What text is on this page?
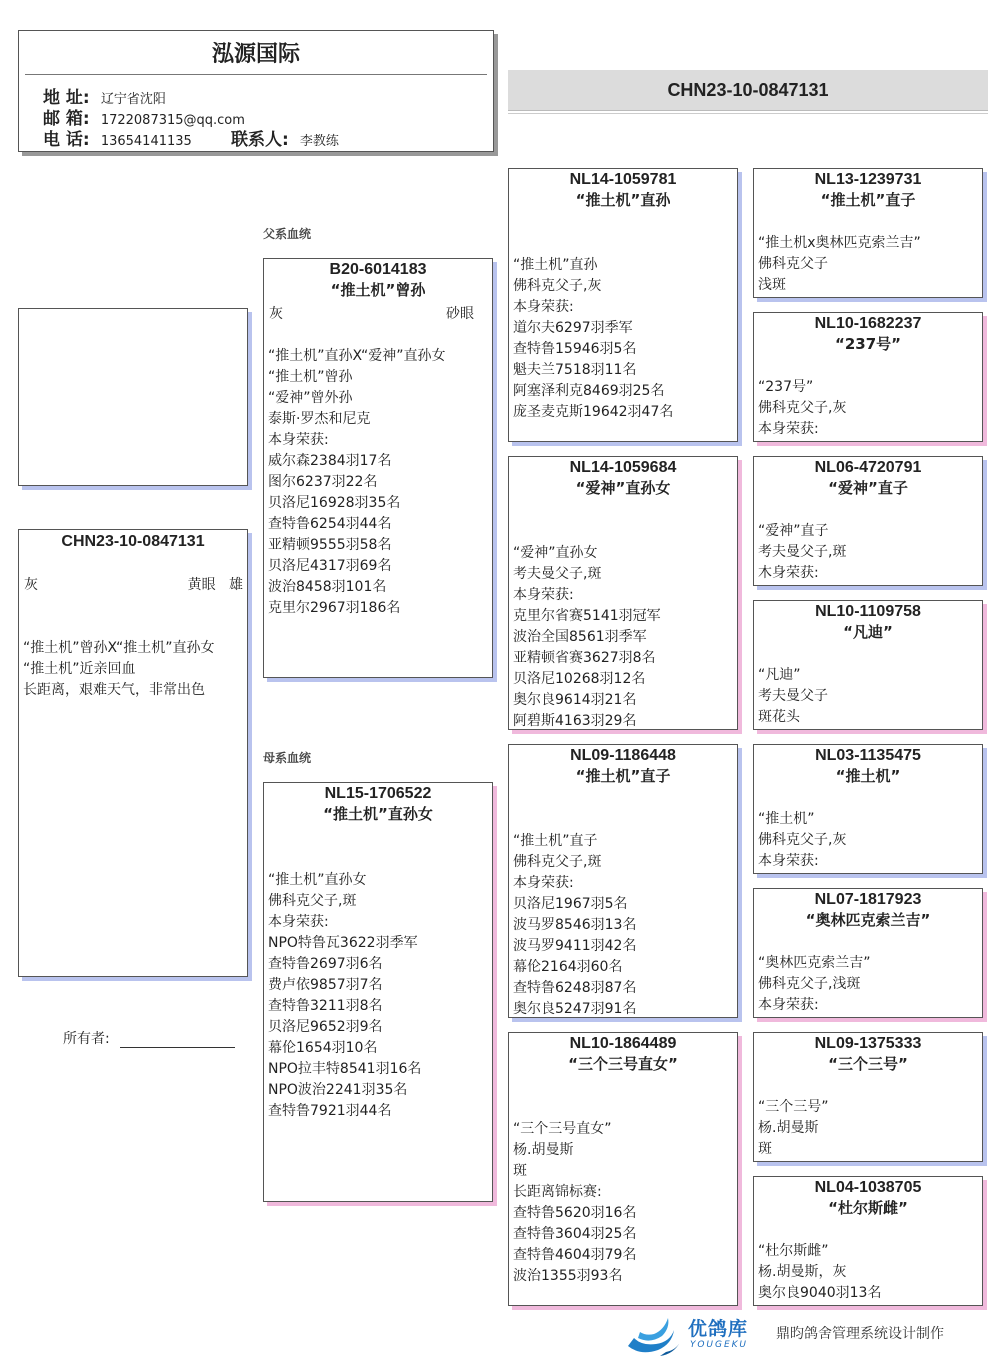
泓源国际
地 址: 辽宁省沈阳
邮 箱: 1722087315@qq.com
电 话: 13654141135 联系人: 李教练
CHN23-10-0847131
CHN23-10-0847131
灰	黄眼   雄
“推土机”曾孙X“推土机”直孙女
“推土机”近亲回血
长距离，艰难天气，非常出色
所有者:
父系血统
母系血统
B20-6014183
“推土机”曾孙
灰	砂眼
“推土机”直孙X“爱神”直孙女
“推土机”曾孙
“爱神”曾外孙
泰斯·罗杰和尼克
本身荣获:
威尔森2384羽17名
图尔6237羽22名
贝洛尼16928羽35名
查特鲁6254羽44名
亚精顿9555羽58名
贝洛尼4317羽69名
波治8458羽101名
克里尔2967羽186名
NL15-1706522
“推土机”直孙女
“推土机”直孙女
佛科克父子,斑
本身荣获:
NPO特鲁瓦3622羽季军
查特鲁2697羽6名
费卢依9857羽7名
查特鲁3211羽8名
贝洛尼9652羽9名
幕伦1654羽10名
NPO拉丰特8541羽16名
NPO波治2241羽35名
查特鲁7921羽44名
NL14-1059781
“推土机”直孙
“推土机”直孙
佛科克父子,灰
本身荣获:
道尔夫6297羽季军
查特鲁15946羽5名
魁夫兰7518羽11名
阿塞泽利克8469羽25名
庞圣麦克斯19642羽47名
NL14-1059684
“爱神”直孙女
“爱神”直孙女
考夫曼父子,斑
本身荣获:
克里尔省赛5141羽冠军
波治全国8561羽季军
亚精顿省赛3627羽8名
贝洛尼10268羽12名
奥尔良9614羽21名
阿碧斯4163羽29名
NL09-1186448
“推土机”直子
“推土机”直子
佛科克父子,斑
本身荣获:
贝洛尼1967羽5名
波马罗8546羽13名
波马罗9411羽42名
幕伦2164羽60名
查特鲁6248羽87名
奥尔良5247羽91名
NL10-1864489
“三个三号直女”
“三个三号直女”
杨.胡曼斯
斑
长距离锦标赛:
查特鲁5620羽16名
查特鲁3604羽25名
查特鲁4604羽79名
波治1355羽93名
NL13-1239731
“推土机”直子
“推土机x奥林匹克索兰吉”
佛科克父子
浅斑
NL10-1682237
“237号”
“237号”
佛科克父子,灰
本身荣获:
NL06-4720791
“爱神”直子
“爱神”直子
考夫曼父子,斑
木身荣获:
NL10-1109758
“凡迪”
“凡迪”
考夫曼父子
斑花头
NL03-1135475
“推土机”
“推土机”
佛科克父子,灰
本身荣获:
NL07-1817923
“奥林匹克索兰吉”
“奥林匹克索兰吉”
佛科克父子,浅斑
本身荣获:
NL09-1375333
“三个三号”
“三个三号”
杨.胡曼斯
斑
NL04-1038705
“杜尔斯雌”
“杜尔斯雌”
杨.胡曼斯，灰
奥尔良9040羽13名
优鸽库
YOUGEKU
鼎昀鸽舍管理系统设计制作
